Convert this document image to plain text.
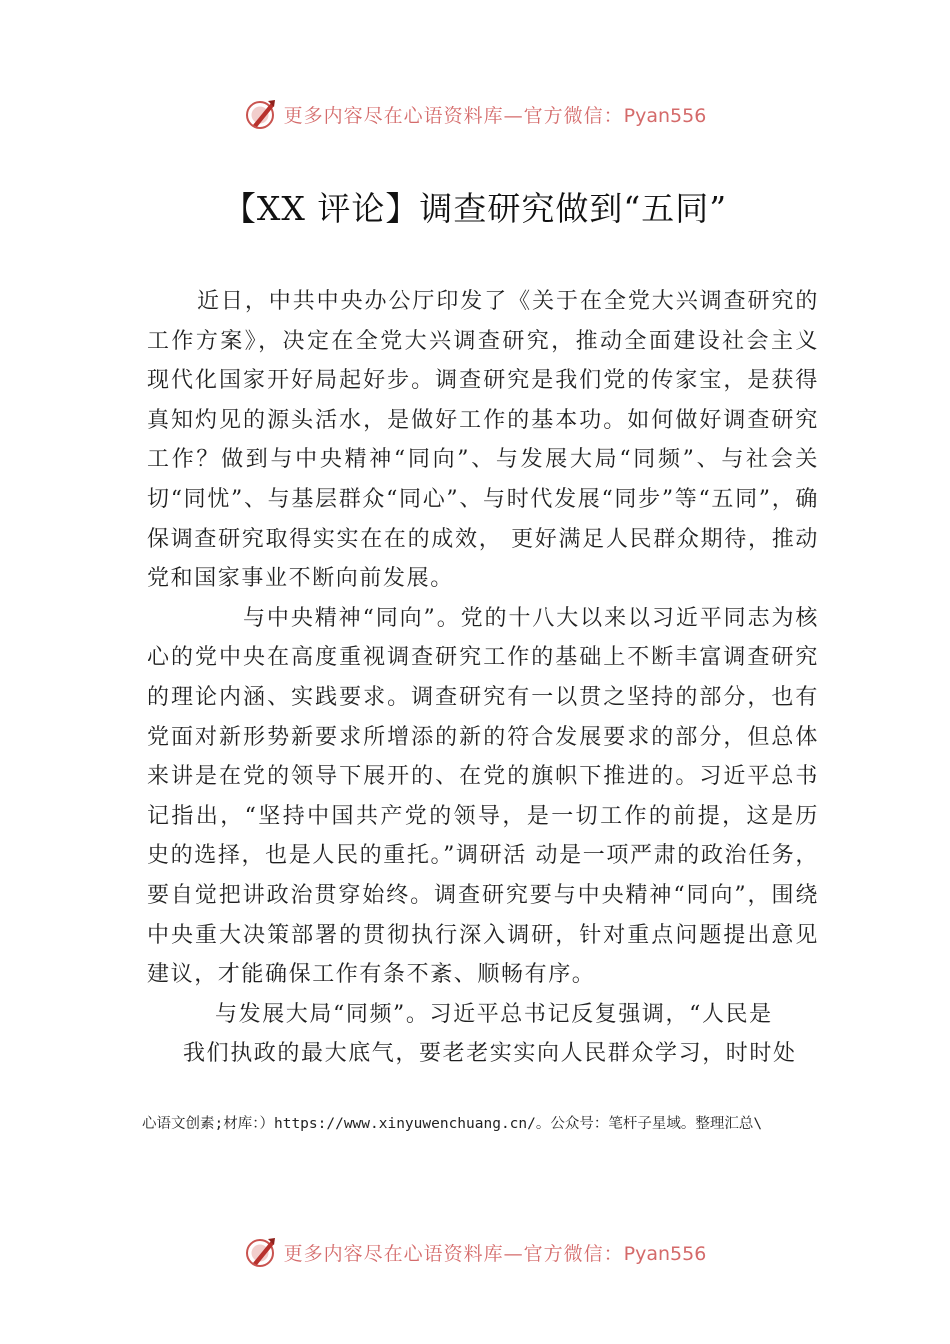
更多内容尽在心语资料库—官方微信：Pyan556
【XX 评论】调查研究做到“五同”

近日，中共中央办公厅印发了《关于在全党大兴调查研究的工作方案》，决定在全党大兴调查研究，推动全面建设社会主义现代化国家开好局起好步。调查研究是我们党的传家宝，是获得真知灼见的源头活水，是做好工作的基本功。如何做好调查研究工作？做到与中央精神“同向”、与发展大局“同频”、与社会关切“同忧”、与基层群众“同心”、与时代发展“同步”等“五同”，确保调查研究取得实实在在的成效， 更好满足人民群众期待，推动党和国家事业不断向前发展。

与中央精神“同向”。党的十八大以来以习近平同志为核心的党中央在高度重视调查研究工作的基础上不断丰富调查研究的理论内涵、实践要求。调查研究有一以贯之坚持的部分，也有党面对新形势新要求所增添的新的符合发展要求的部分，但总体来讲是在党的领导下展开的、在党的旗帜下推进的。习近平总书记指出，“坚持中国共产党的领导，是一切工作的前提，这是历史的选择，也是人民的重托。”调研活 动是一项严肃的政治任务，要自觉把讲政治贯穿始终。调查研究要与中央精神“同向”，围绕中央重大决策部署的贯彻执行深入调研，针对重点问题提出意见建议，才能确保工作有条不紊、顺畅有序。

与发展大局“同频”。习近平总书记反复强调，“人民是
我们执政的最大底气，要老老实实向人民群众学习，时时处

心语文创素;材库：）https://www.xinyuwenchuang.cn/。公众号：笔杆子星域。整理汇总\
更多内容尽在心语资料库—官方微信：Pyan556
